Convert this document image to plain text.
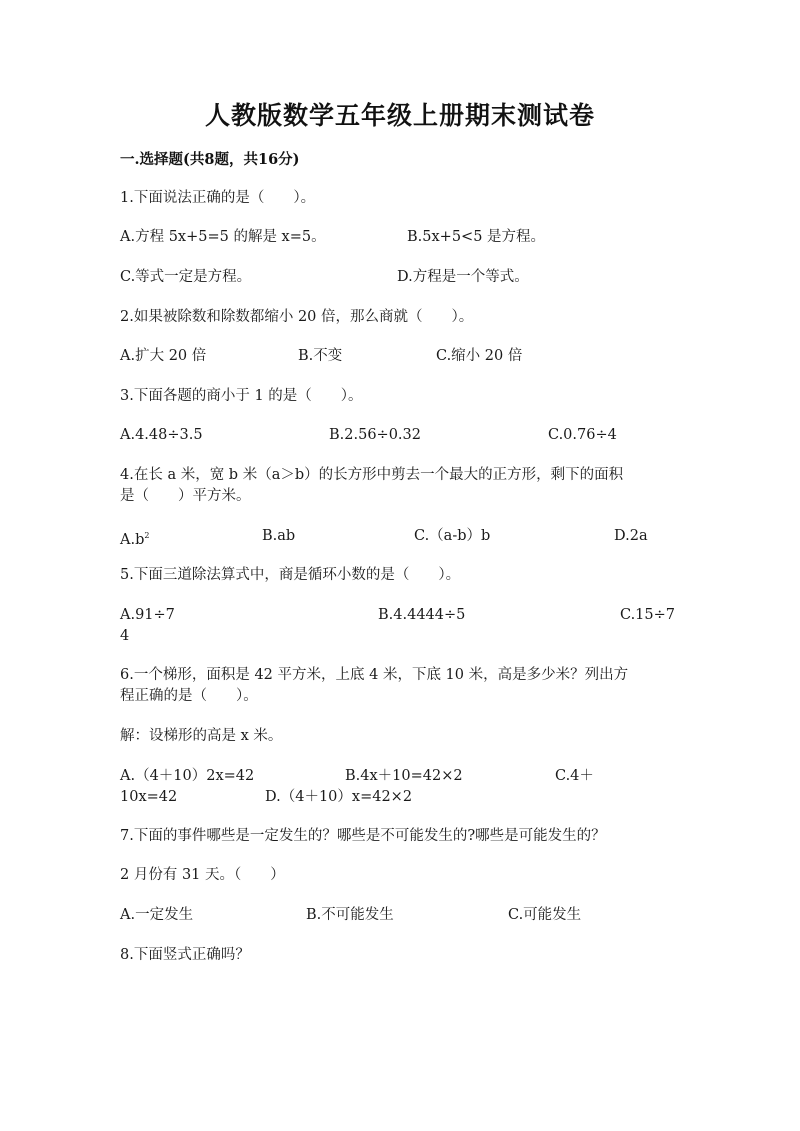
人教版数学五年级上册期末测试卷
一.选择题(共8题，共16分)
1.下面说法正确的是（　　）。
A.方程 5x+5=5 的解是 x=5。	B.5x+5<5 是方程。
C.等式一定是方程。	D.方程是一个等式。
2.如果被除数和除数都缩小 20 倍，那么商就（　　）。
A.扩大 20 倍	B.不变	C.缩小 20 倍
3.下面各题的商小于 1 的是（　　）。
A.4.48÷3.5	B.2.56÷0.32	C.0.76÷4
4.在长 a 米，宽 b 米（a＞b）的长方形中剪去一个最大的正方形，剩下的面积
是（　　）平方米。
$A.b^2$	B.ab	C.（a-b）b	D.2a
5.下面三道除法算式中，商是循环小数的是（　　）。
A.91÷7	B.4.4444÷5	C.15÷7
4
6.一个梯形，面积是 42 平方米，上底 4 米，下底 10 米，高是多少米？列出方
程正确的是（　　）。
解：设梯形的高是 x 米。
A.（4＋10）2x=42	B.4x＋10=42×2	C.4＋
10x=42	D.（4＋10）x=42×2
7.下面的事件哪些是一定发生的？哪些是不可能发生的?哪些是可能发生的？
2 月份有 31 天。（　　）
A.一定发生	B.不可能发生	C.可能发生
8.下面竖式正确吗？
